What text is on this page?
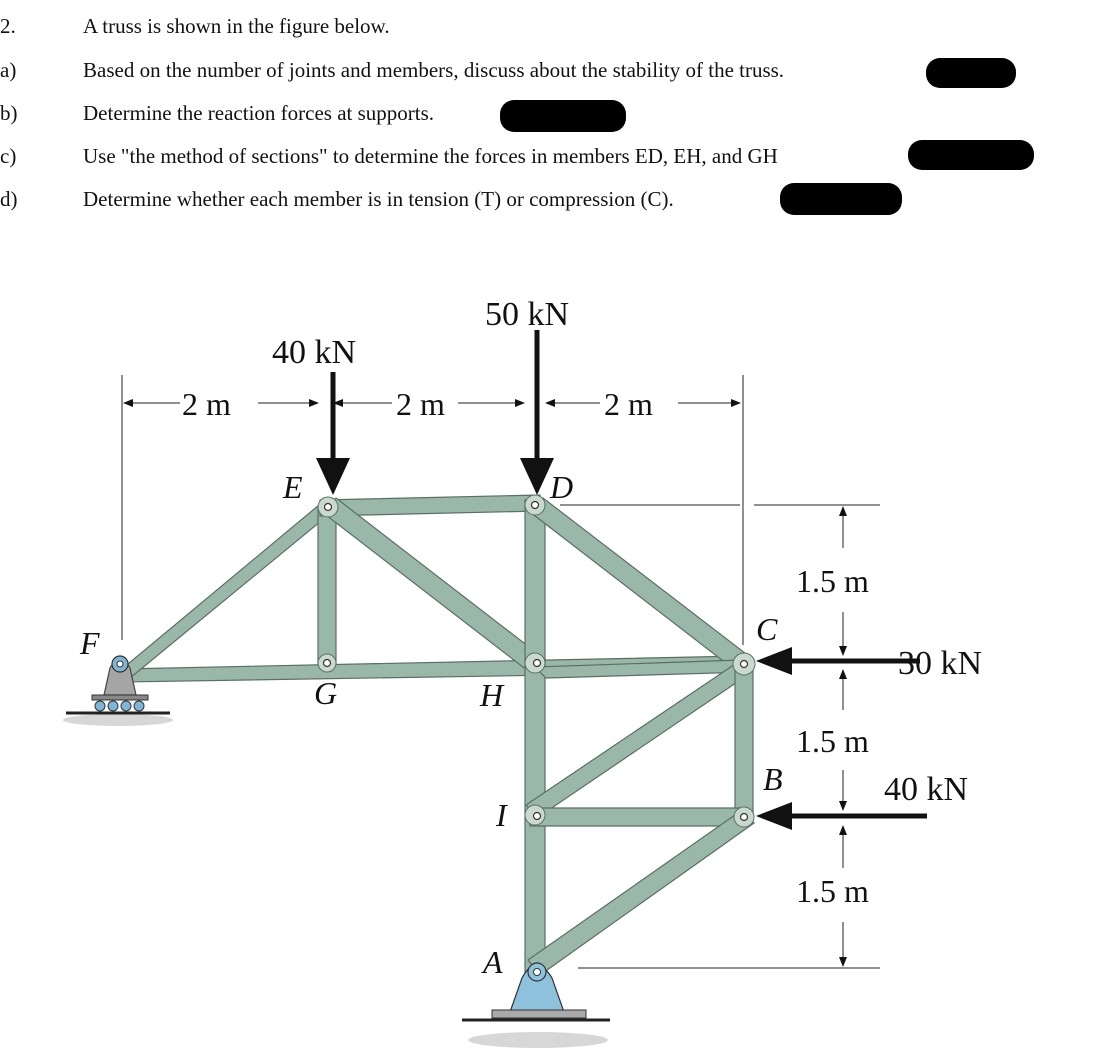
2.	A truss is shown in the figure below.
a)	Based on the number of joints and members, discuss about the stability of the truss.
b)	Determine the reaction forces at supports.
c)	Use "the method of sections" to determine the forces in members ED, EH, and GH
d)	Determine whether each member is in tension (T) or compression (C).
40 kN
50 kN
30 kN
40 kN
2 m	2 m	2 m
1.5 m
1.5 m
1.5 m
E	D
C
B
F
G	H
I
A
